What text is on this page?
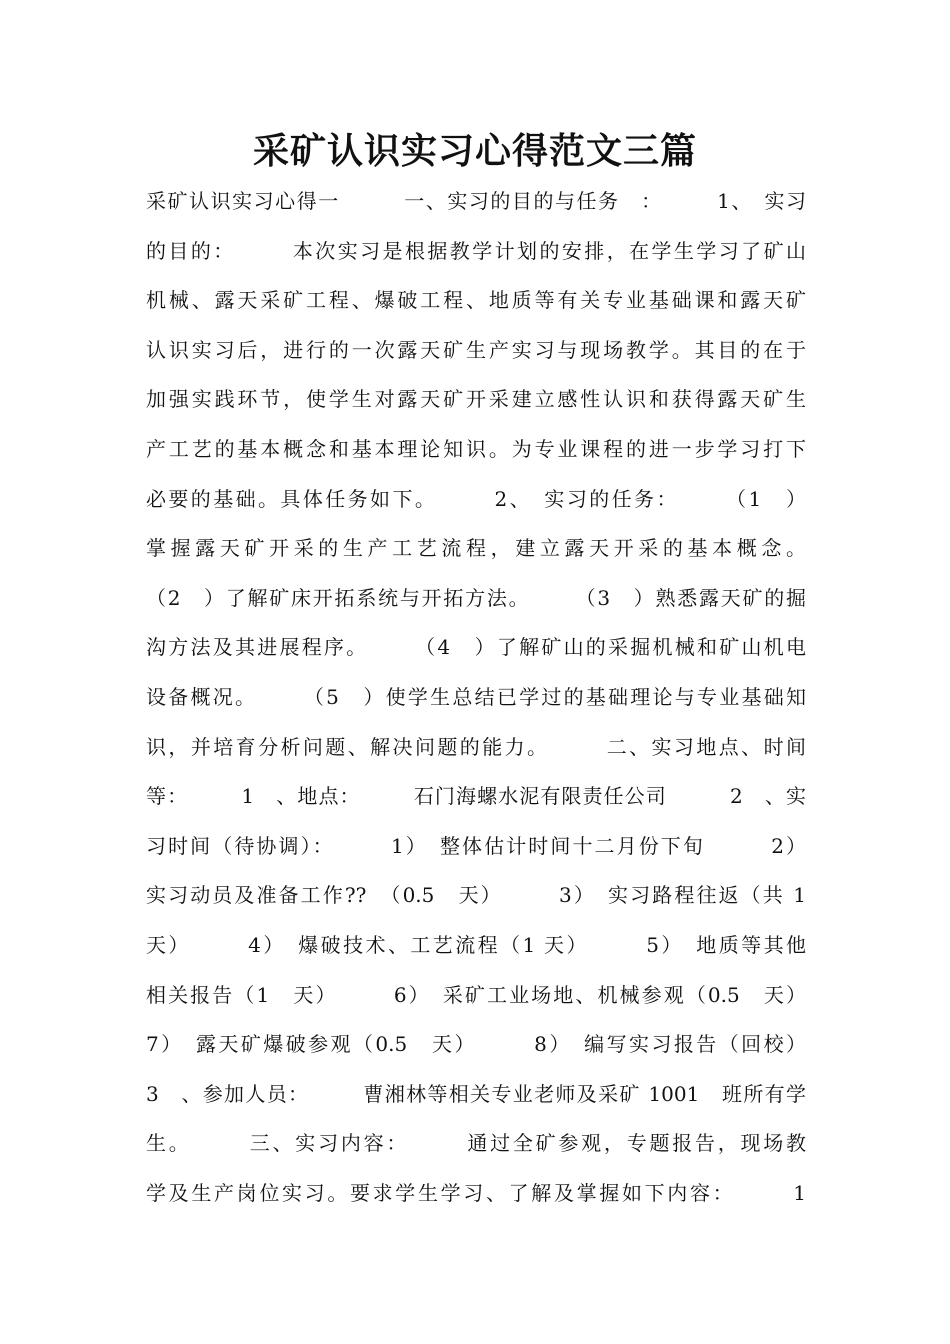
采矿认识实习心得范文三篇
采矿认识实习心得一　　　一、实习的目的与任务　：　　　1、　实习
的目的：　　　本次实习是根据教学计划的安排，在学生学习了矿山
机械、露天采矿工程、爆破工程、地质等有关专业基础课和露天矿
认识实习后，进行的一次露天矿生产实习与现场教学。其目的在于
加强实践环节，使学生对露天矿开采建立感性认识和获得露天矿生
产工艺的基本概念和基本理论知识。为专业课程的进一步学习打下
必要的基础。具体任务如下。　　　2、　实习的任务：　　　（1　）
掌握露天矿开采的生产工艺流程，建立露天开采的基本概念。
（2　）了解矿床开拓系统与开拓方法。　　　（3　）熟悉露天矿的掘
沟方法及其进展程序。　　　（4　）了解矿山的采掘机械和矿山机电
设备概况。　　　（5　）使学生总结已学过的基础理论与专业基础知
识，并培育分析问题、解决问题的能力。　　　二、实习地点、时间
等：　　　1　、地点：　　　石门海螺水泥有限责任公司　　　2　、实
习时间（待协调）：　　　1）　整体估计时间十二月份下旬　　　2）
实习动员及准备工作??　（0.5　天）　　　3）　实习路程往返（共 1
天）　　　4）　爆破技术、工艺流程（1 天）　　　5）　地质等其他
相关报告（1　天）　　　6）　采矿工业场地、机械参观（0.5　天）
7）　露天矿爆破参观（0.5　天）　　　8）　编写实习报告（回校）
3　、参加人员：　　　曹湘林等相关专业老师及采矿 1001　班所有学
生。　　　三、实习内容：　　　通过全矿参观，专题报告，现场教
学及生产岗位实习。要求学生学习、了解及掌握如下内容：　　　1
